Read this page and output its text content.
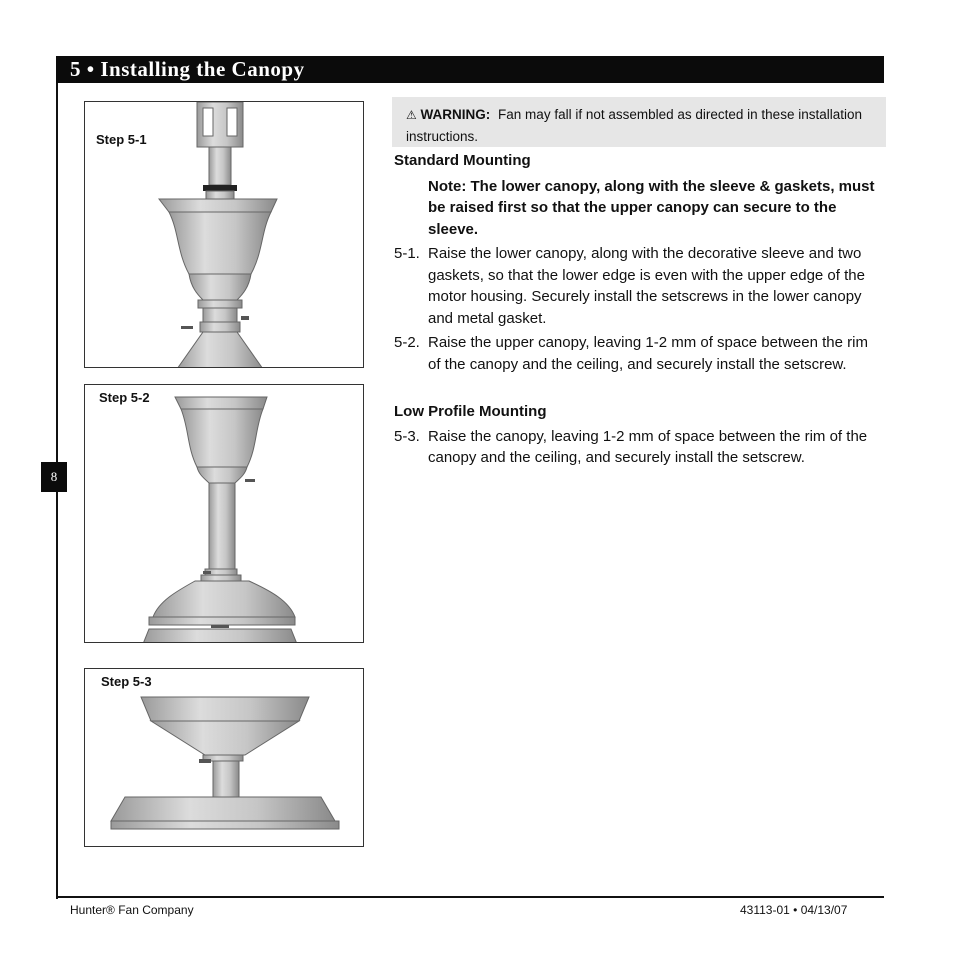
5 • Installing the Canopy
8
Step 5-1
Step 5-2
Step 5-3
⚠ WARNING: Fan may fall if not assembled as directed in these installation instructions.
Standard Mounting
Note: The lower canopy, along with the sleeve & gaskets, must be raised first so that the upper canopy can secure to the sleeve.
5-1. Raise the lower canopy, along with the decorative sleeve and two gaskets, so that the lower edge is even with the upper edge of the motor housing. Securely install the setscrews in the lower canopy and metal gasket.
5-2. Raise the upper canopy, leaving 1-2 mm of space between the rim of the canopy and the ceiling, and securely install the setscrew.
Low Profile Mounting
5-3. Raise the canopy, leaving 1-2 mm of space between the rim of the canopy and the ceiling, and securely install the setscrew.
Hunter® Fan Company	43113-01 • 04/13/07
